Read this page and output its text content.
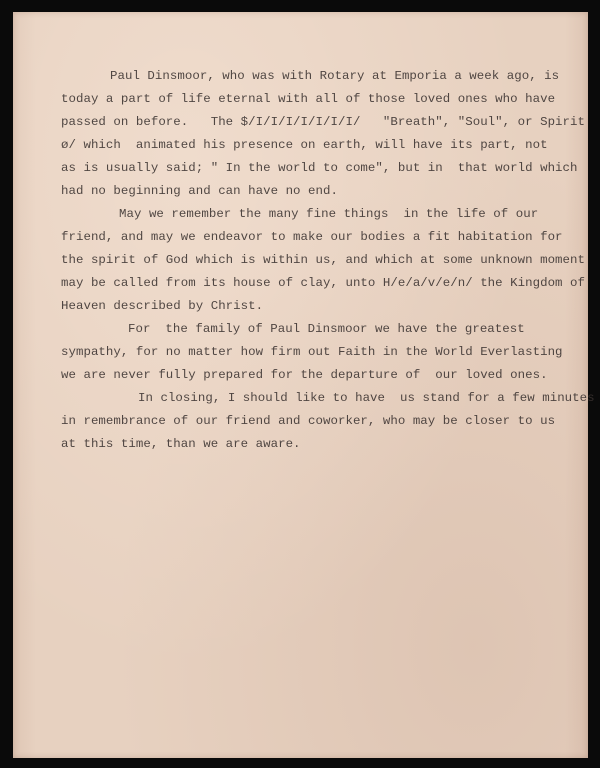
Paul Dinsmoor, who was with Rotary at Emporia a week ago, is
today a part of life eternal with all of those loved ones who have
passed on before.   The $/I/I/I/I/I/I/I/   "Breath", "Soul", or Spirit
ø/ which  animated his presence on earth, will have its part, not
as is usually said; " In the world to come", but in  that world which
had no beginning and can have no end.
May we remember the many fine things  in the life of our
friend, and may we endeavor to make our bodies a fit habitation for
the spirit of God which is within us, and which at some unknown moment
may be called from its house of clay, unto H/e/a/v/e/n/ the Kingdom of
Heaven described by Christ.
For  the family of Paul Dinsmoor we have the greatest
sympathy, for no matter how firm out Faith in the World Everlasting
we are never fully prepared for the departure of  our loved ones.
In closing, I should like to have  us stand for a few minutes
in remembrance of our friend and coworker, who may be closer to us
at this time, than we are aware.
